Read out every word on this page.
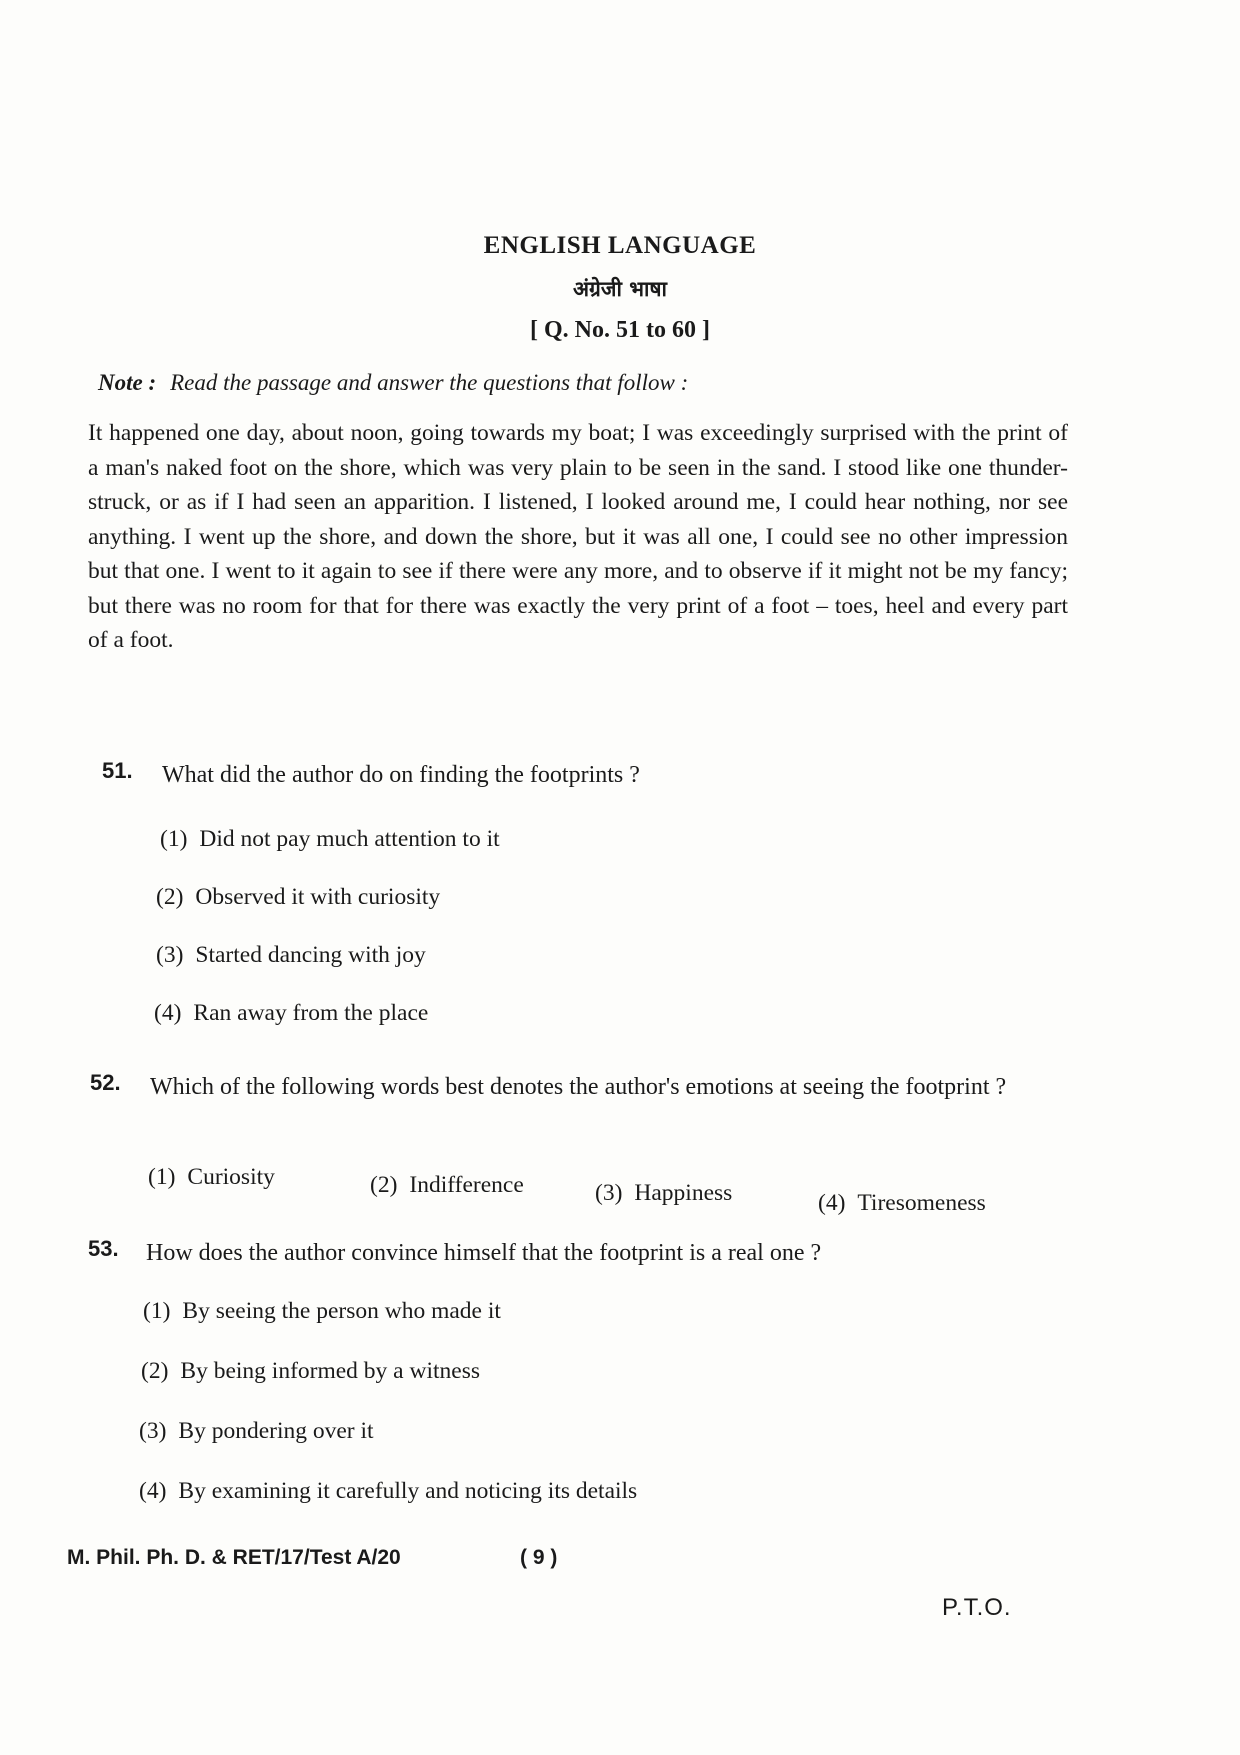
ENGLISH LANGUAGE
अंग्रेजी भाषा
[ Q. No. 51 to 60 ]
Note : Read the passage and answer the questions that follow :
It happened one day, about noon, going towards my boat; I was exceedingly surprised with the print of a man's naked foot on the shore, which was very plain to be seen in the sand. I stood like one thunder-struck, or as if I had seen an apparition. I listened, I looked around me, I could hear nothing, nor see anything. I went up the shore, and down the shore, but it was all one, I could see no other impression but that one. I went to it again to see if there were any more, and to observe if it might not be my fancy; but there was no room for that for there was exactly the very print of a foot – toes, heel and every part of a foot.
51. What did the author do on finding the footprints ?
(1) Did not pay much attention to it
(2) Observed it with curiosity
(3) Started dancing with joy
(4) Ran away from the place
52. Which of the following words best denotes the author's emotions at seeing the footprint ?
(1) Curiosity	(2) Indifference	(3) Happiness	(4) Tiresomeness
53. How does the author convince himself that the footprint is a real one ?
(1) By seeing the person who made it
(2) By being informed by a witness
(3) By pondering over it
(4) By examining it carefully and noticing its details
M. Phil. Ph. D. & RET/17/Test A/20	( 9 )
P.T.O.
